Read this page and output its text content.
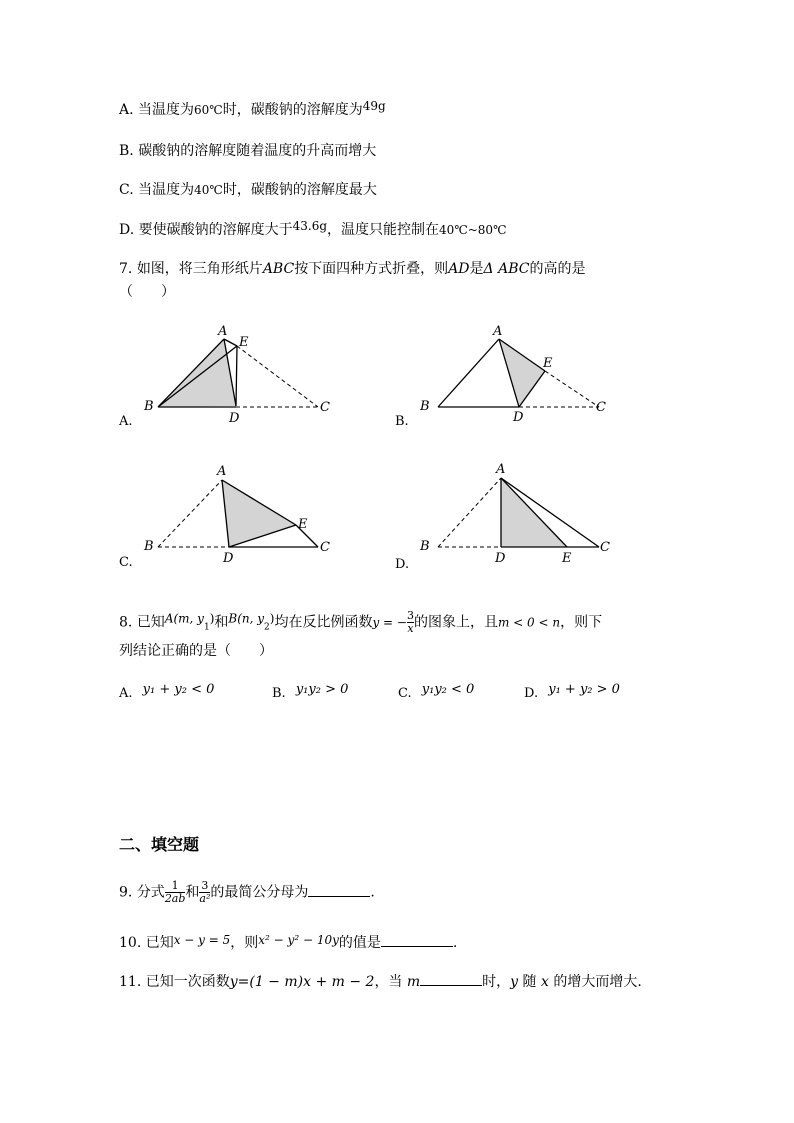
A. 当温度为60℃时，碳酸钠的溶解度为49g
B. 碳酸钠的溶解度随着温度的升高而增大
C. 当温度为40℃时，碳酸钠的溶解度最大
D. 要使碳酸钠的溶解度大于43.6g，温度只能控制在40℃~80℃
7. 如图，将三角形纸片ABC按下面四种方式折叠，则AD是Δ ABC的高的是
（　　）
A
E
B
D
C
A.
A
E
B
D
C
B.
A
E
B
D
C
C.
A
E
B
D
C
D.
8. 已知A(m, $y_1$)和B(n, $y_2$)均在反比例函数y = − $\frac{3}{x}$ 的图象上，且m < 0 < n，则下
列结论正确的是（　　）
A. y₁ + y₂ < 0	B. y₁y₂ > 0	C. y₁y₂ < 0	D. y₁ + y₂ > 0
二、填空题
9. 分式 $\frac{1}{2ab}$ 和 $\frac{3}{\text{a²}}$ 的最简公分母为	.
10. 已知x − y = 5，则x² − y² − 10y的值是	.
11. 已知一次函数y=(1 − m)x + m − 2，当 m	时，y 随 x 的增大而增大.
